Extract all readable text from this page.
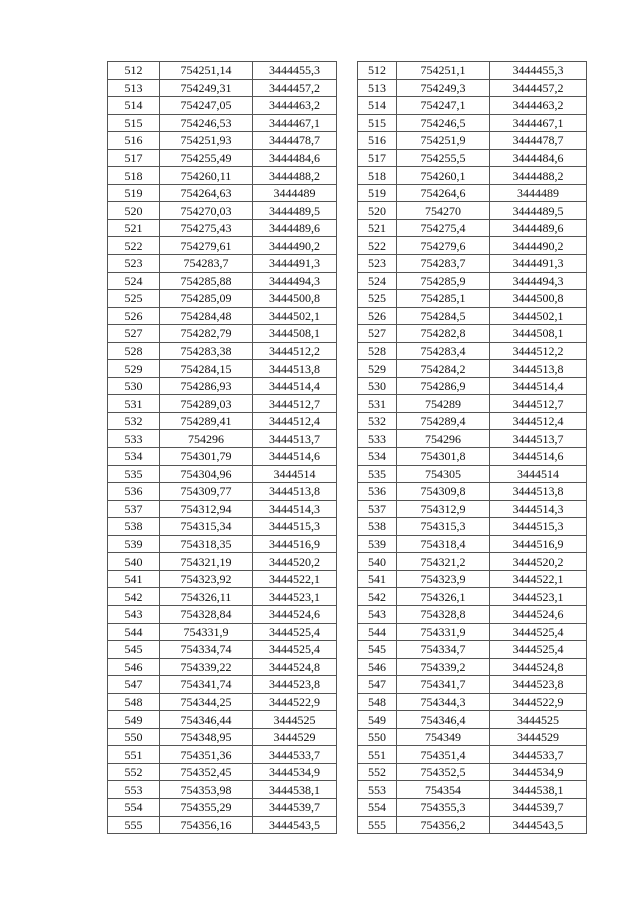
512	754251,14	3444455,3
513	754249,31	3444457,2
514	754247,05	3444463,2
515	754246,53	3444467,1
516	754251,93	3444478,7
517	754255,49	3444484,6
518	754260,11	3444488,2
519	754264,63	3444489
520	754270,03	3444489,5
521	754275,43	3444489,6
522	754279,61	3444490,2
523	754283,7	3444491,3
524	754285,88	3444494,3
525	754285,09	3444500,8
526	754284,48	3444502,1
527	754282,79	3444508,1
528	754283,38	3444512,2
529	754284,15	3444513,8
530	754286,93	3444514,4
531	754289,03	3444512,7
532	754289,41	3444512,4
533	754296	3444513,7
534	754301,79	3444514,6
535	754304,96	3444514
536	754309,77	3444513,8
537	754312,94	3444514,3
538	754315,34	3444515,3
539	754318,35	3444516,9
540	754321,19	3444520,2
541	754323,92	3444522,1
542	754326,11	3444523,1
543	754328,84	3444524,6
544	754331,9	3444525,4
545	754334,74	3444525,4
546	754339,22	3444524,8
547	754341,74	3444523,8
548	754344,25	3444522,9
549	754346,44	3444525
550	754348,95	3444529
551	754351,36	3444533,7
552	754352,45	3444534,9
553	754353,98	3444538,1
554	754355,29	3444539,7
555	754356,16	3444543,5
512	754251,1	3444455,3
513	754249,3	3444457,2
514	754247,1	3444463,2
515	754246,5	3444467,1
516	754251,9	3444478,7
517	754255,5	3444484,6
518	754260,1	3444488,2
519	754264,6	3444489
520	754270	3444489,5
521	754275,4	3444489,6
522	754279,6	3444490,2
523	754283,7	3444491,3
524	754285,9	3444494,3
525	754285,1	3444500,8
526	754284,5	3444502,1
527	754282,8	3444508,1
528	754283,4	3444512,2
529	754284,2	3444513,8
530	754286,9	3444514,4
531	754289	3444512,7
532	754289,4	3444512,4
533	754296	3444513,7
534	754301,8	3444514,6
535	754305	3444514
536	754309,8	3444513,8
537	754312,9	3444514,3
538	754315,3	3444515,3
539	754318,4	3444516,9
540	754321,2	3444520,2
541	754323,9	3444522,1
542	754326,1	3444523,1
543	754328,8	3444524,6
544	754331,9	3444525,4
545	754334,7	3444525,4
546	754339,2	3444524,8
547	754341,7	3444523,8
548	754344,3	3444522,9
549	754346,4	3444525
550	754349	3444529
551	754351,4	3444533,7
552	754352,5	3444534,9
553	754354	3444538,1
554	754355,3	3444539,7
555	754356,2	3444543,5
